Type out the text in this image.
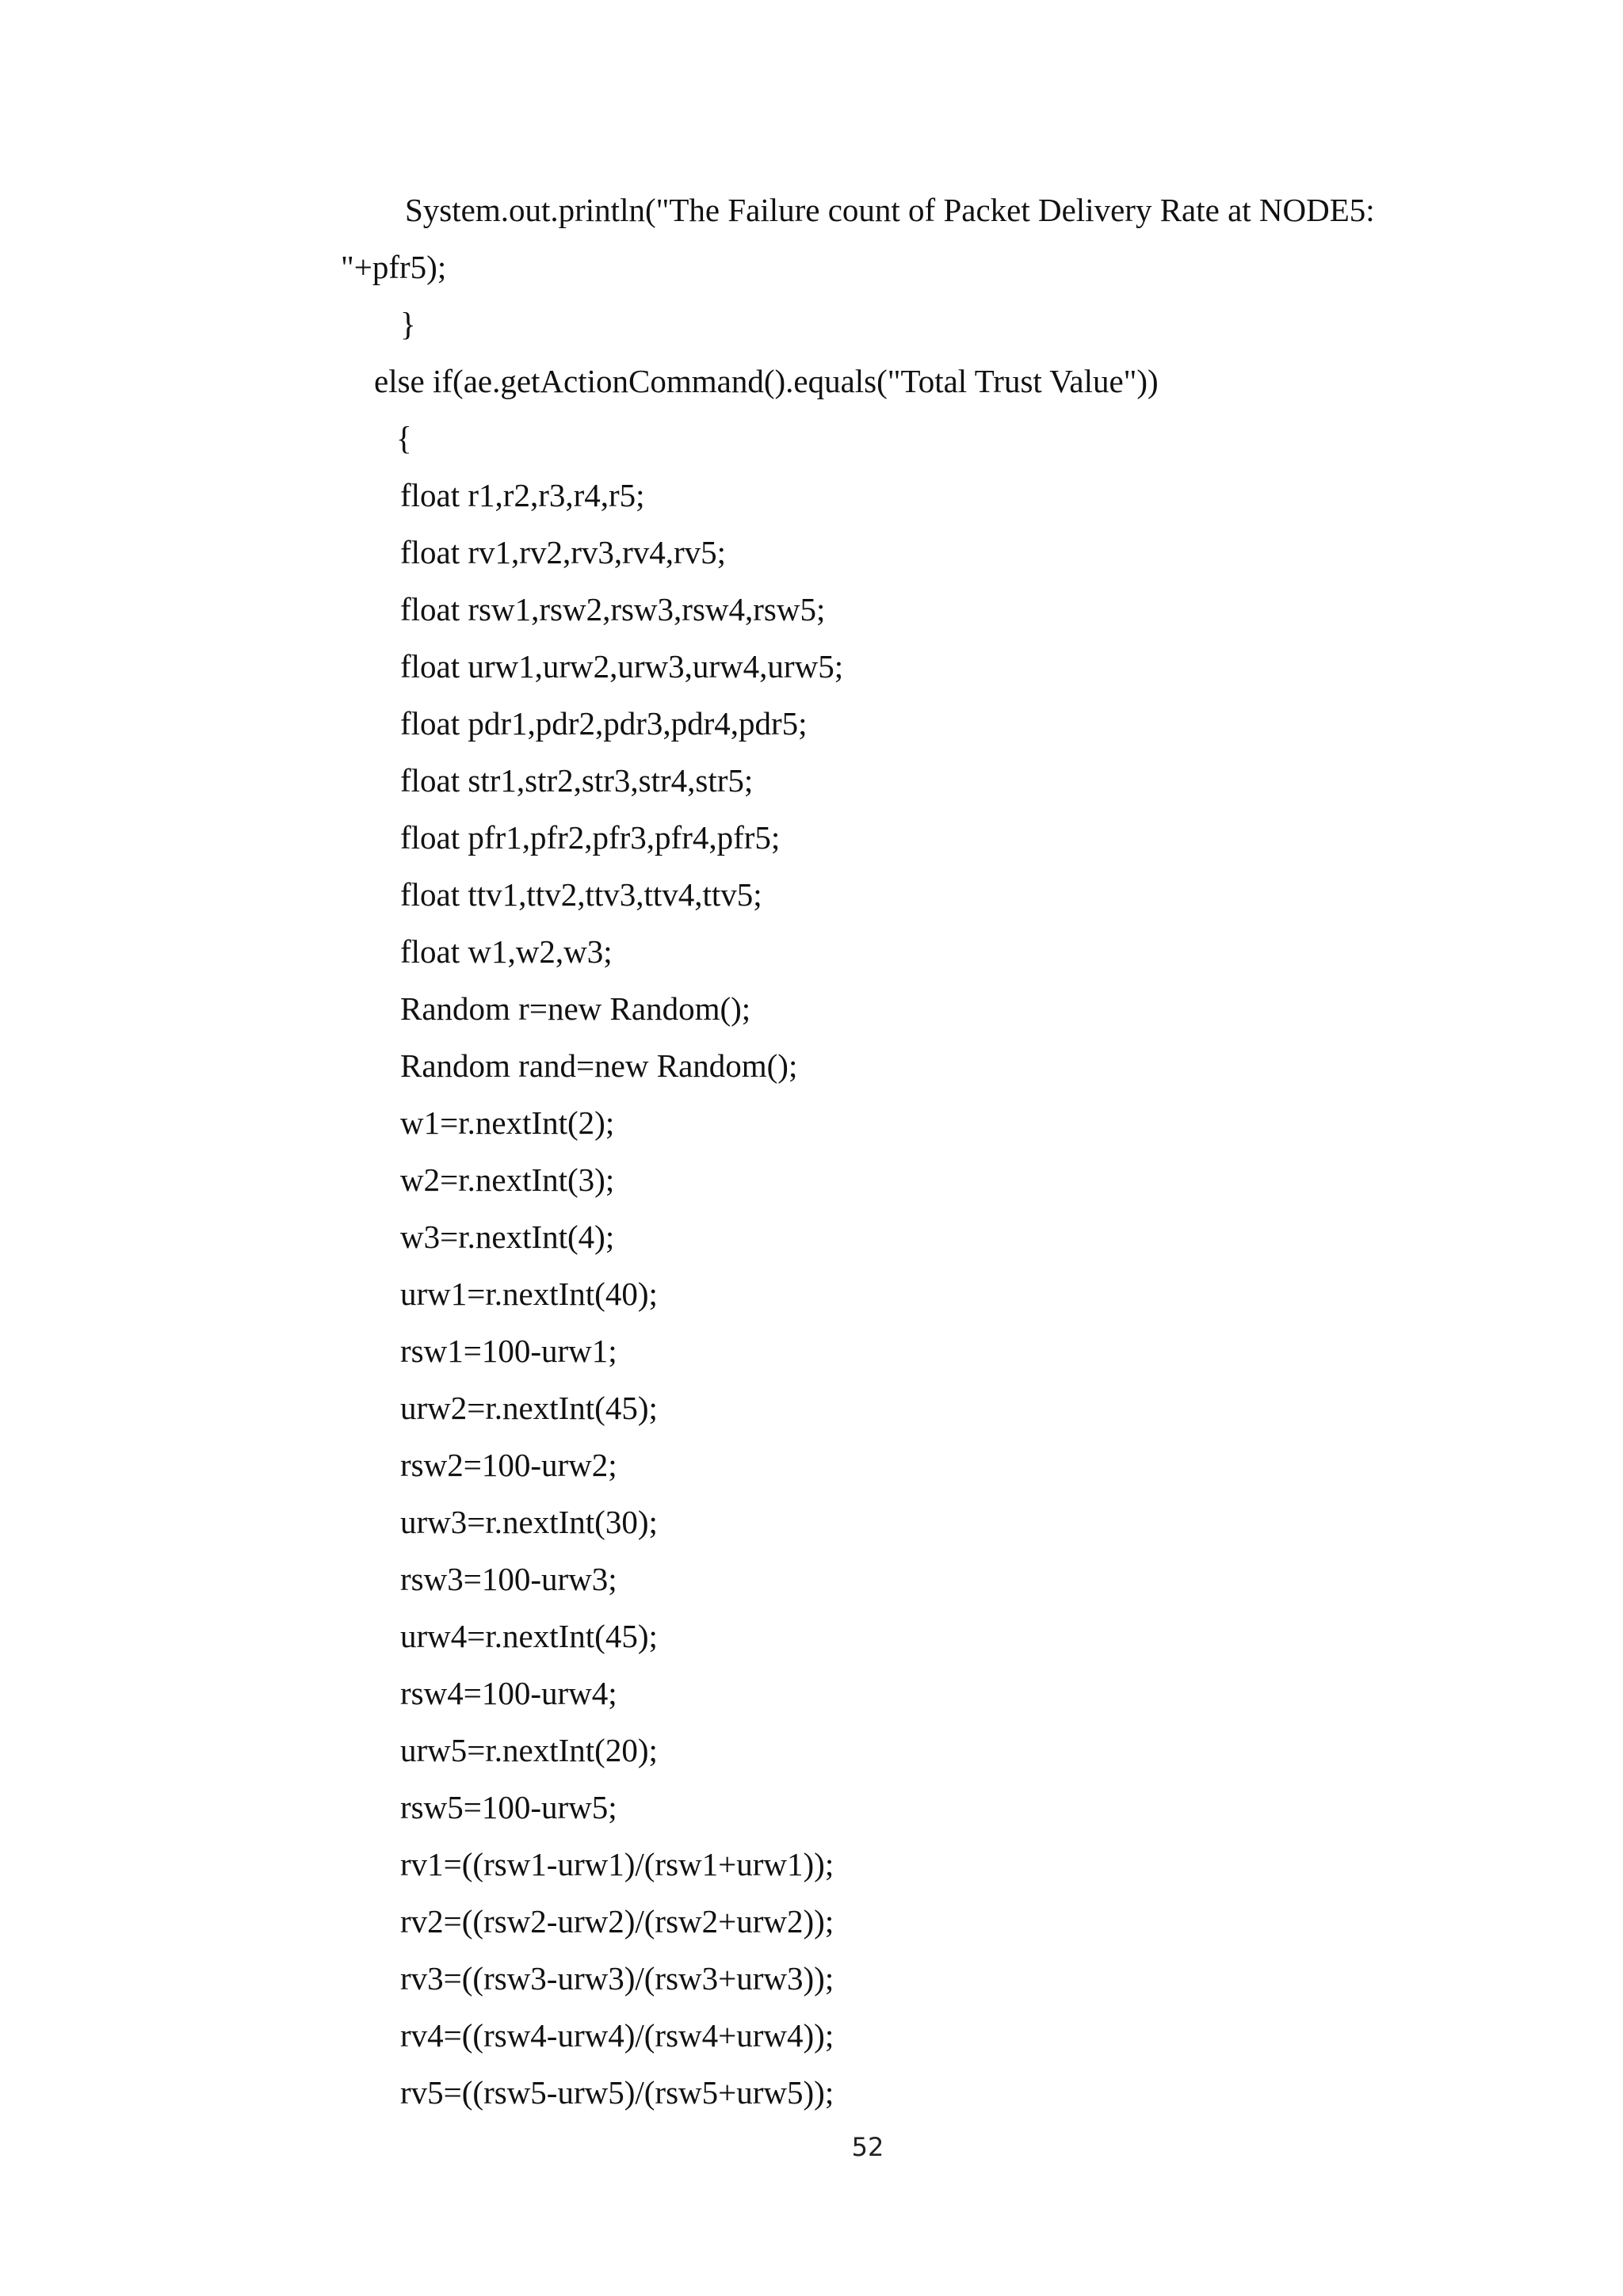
System.out.println("The Failure count of Packet Delivery Rate at NODE5:
"+pfr5);
}
else if(ae.getActionCommand().equals("Total Trust Value"))
{
float r1,r2,r3,r4,r5;
float rv1,rv2,rv3,rv4,rv5;
float rsw1,rsw2,rsw3,rsw4,rsw5;
float urw1,urw2,urw3,urw4,urw5;
float pdr1,pdr2,pdr3,pdr4,pdr5;
float str1,str2,str3,str4,str5;
float pfr1,pfr2,pfr3,pfr4,pfr5;
float ttv1,ttv2,ttv3,ttv4,ttv5;
float w1,w2,w3;
Random r=new Random();
Random rand=new Random();
w1=r.nextInt(2);
w2=r.nextInt(3);
w3=r.nextInt(4);
urw1=r.nextInt(40);
rsw1=100-urw1;
urw2=r.nextInt(45);
rsw2=100-urw2;
urw3=r.nextInt(30);
rsw3=100-urw3;
urw4=r.nextInt(45);
rsw4=100-urw4;
urw5=r.nextInt(20);
rsw5=100-urw5;
rv1=((rsw1-urw1)/(rsw1+urw1));
rv2=((rsw2-urw2)/(rsw2+urw2));
rv3=((rsw3-urw3)/(rsw3+urw3));
rv4=((rsw4-urw4)/(rsw4+urw4));
rv5=((rsw5-urw5)/(rsw5+urw5));
52
